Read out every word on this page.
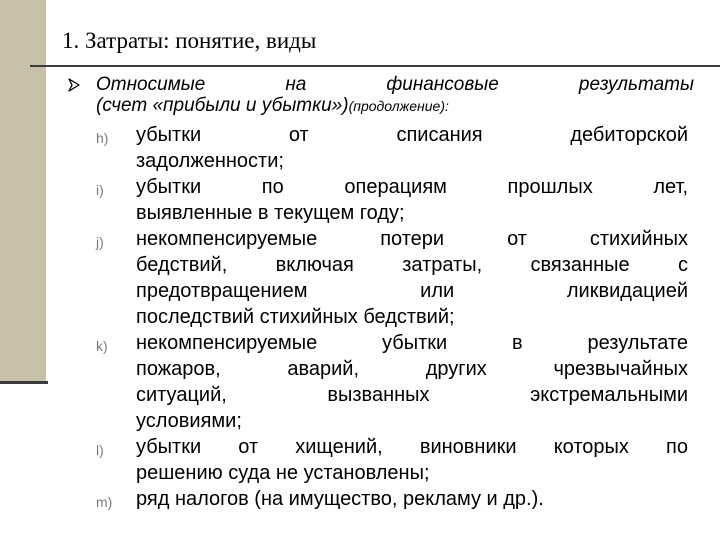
1. Затраты: понятие, виды
Относимые на финансовые результаты
(счет «прибыли и убытки»)(продолжение):
h) убытки от списания дебиторской
задолженности;
i) убытки по операциям прошлых лет,
выявленные в текущем году;
j) некомпенсируемые потери от стихийных
бедствий, включая затраты, связанные с
предотвращением или ликвидацией
последствий стихийных бедствий;
k) некомпенсируемые убытки в результате
пожаров, аварий, других чрезвычайных
ситуаций, вызванных экстремальными
условиями;
l) убытки от хищений, виновники которых по
решению суда не установлены;
m) ряд налогов (на имущество, рекламу и др.).
